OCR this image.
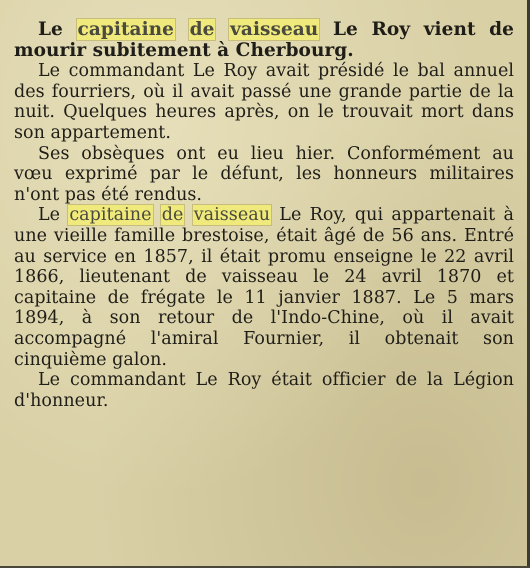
Le capitaine de vaisseau Le Roy vient de mourir subitement à Cherbourg.

Le commandant Le Roy avait présidé le bal annuel des fourriers, où il avait passé une grande partie de la nuit. Quelques heures après, on le trouvait mort dans son appartement.

Ses obsèques ont eu lieu hier. Conformément au vœu exprimé par le défunt, les honneurs militaires n'ont pas été rendus.

Le capitaine de vaisseau Le Roy, qui appartenait à une vieille famille brestoise, était âgé de 56 ans. Entré au service en 1857, il était promu enseigne le 22 avril 1866, lieutenant de vaisseau le 24 avril 1870 et capitaine de frégate le 11 janvier 1887. Le 5 mars 1894, à son retour de l'Indo-Chine, où il avait accompagné l'amiral Fournier, il obtenait son cinquième galon.

Le commandant Le Roy était officier de la Légion d'honneur.
